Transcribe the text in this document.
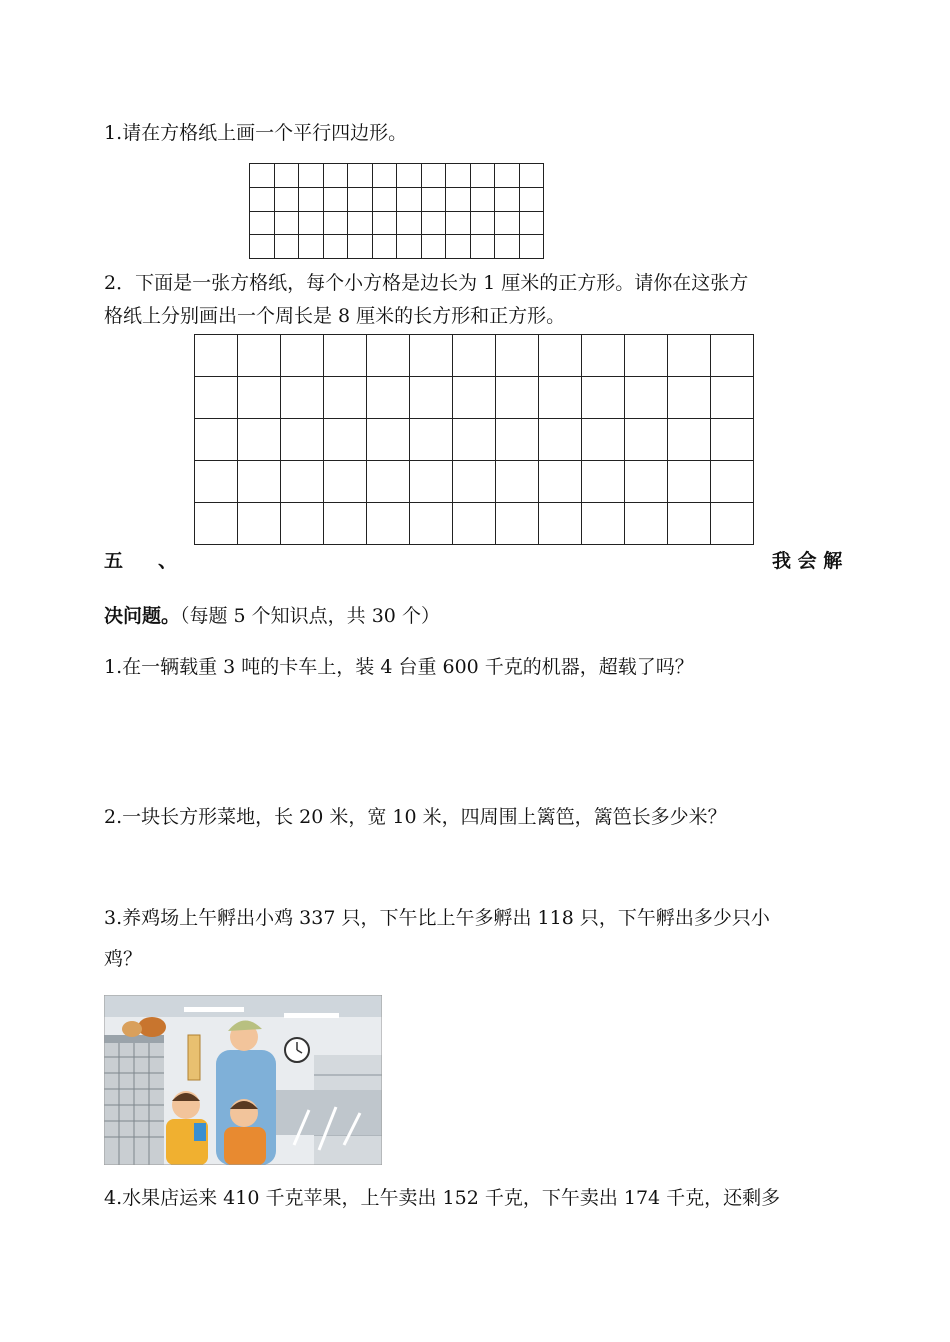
1.请在方格纸上画一个平行四边形。

2．下面是一张方格纸，每个小方格是边长为 1 厘米的正方形。请你在这张方
格纸上分别画出一个周长是 8 厘米的长方形和正方形。

五 、	我 会 解
决问题。（每题 5 个知识点，共 30 个）
1.在一辆载重 3 吨的卡车上，装 4 台重 600 千克的机器，超载了吗？
2.一块长方形菜地，长 20 米，宽 10 米，四周围上篱笆，篱笆长多少米？
3.养鸡场上午孵出小鸡 337 只，下午比上午多孵出 118 只，下午孵出多少只小
鸡？
4.水果店运来 410 千克苹果，上午卖出 152 千克，下午卖出 174 千克，还剩多
